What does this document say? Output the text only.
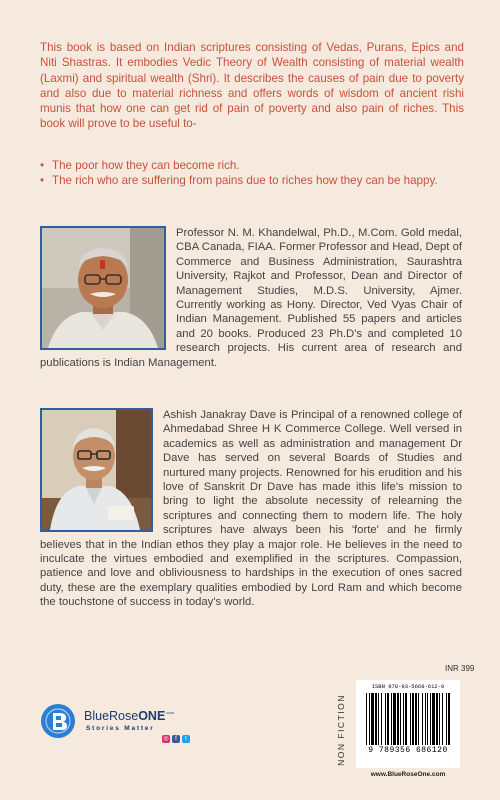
This book is based on Indian scriptures consisting of Vedas, Purans, Epics and Niti Shastras. It embodies Vedic Theory of Wealth consisting of material wealth (Laxmi) and spiritual wealth (Shri). It describes the causes of pain due to poverty and also due to material richness and offers words of wisdom of ancient rishi munis that how one can get rid of pain of poverty and also pain of riches. This book will prove to be useful to-

• The poor how they can become rich.
• The rich who are suffering from pains due to riches how they can be happy.

Professor N. M. Khandelwal, Ph.D., M.Com. Gold medal, CBA Canada, FIAA. Former Professor and Head, Dept of Commerce and Business Administration, Saurashtra University, Rajkot and Professor, Dean and Director of Management Studies, M.D.S. University, Ajmer. Currently working as Hony. Director, Ved Vyas Chair of Indian Management. Published 55 papers and articles and 20 books. Produced 23 Ph.D's and completed 10 research projects. His current area of research and publications is Indian Management.

Ashish Janakray Dave is Principal of a renowned college of Ahmedabad Shree H K Commerce College. Well versed in academics as well as administration and management Dr Dave has served on several Boards of Studies and nurtured many projects. Renowned for his erudition and his love of Sanskrit Dr Dave has made ithis life's mission to bring to light the absolute necessity of relearning the scriptures and connecting them to modern life. The holy scriptures have always been his 'forte' and he firmly believes that in the Indian ethos they play a major role. He believes in the need to inculcate the virtues embodied and exemplified in the scriptures. Compassion, patience and love and obliviousness to hardships in the execution of ones sacred duty, these are the exemplary qualities embodied by Lord Ram and which become the touchstone of success in today's world.

INR 399
NON FICTION
ISBN 978-93-5668-612-0
9 789356 686120
www.BlueRoseOne.com
BlueRoseONE$^{.com}$
Stories Matter
◎	f	t
